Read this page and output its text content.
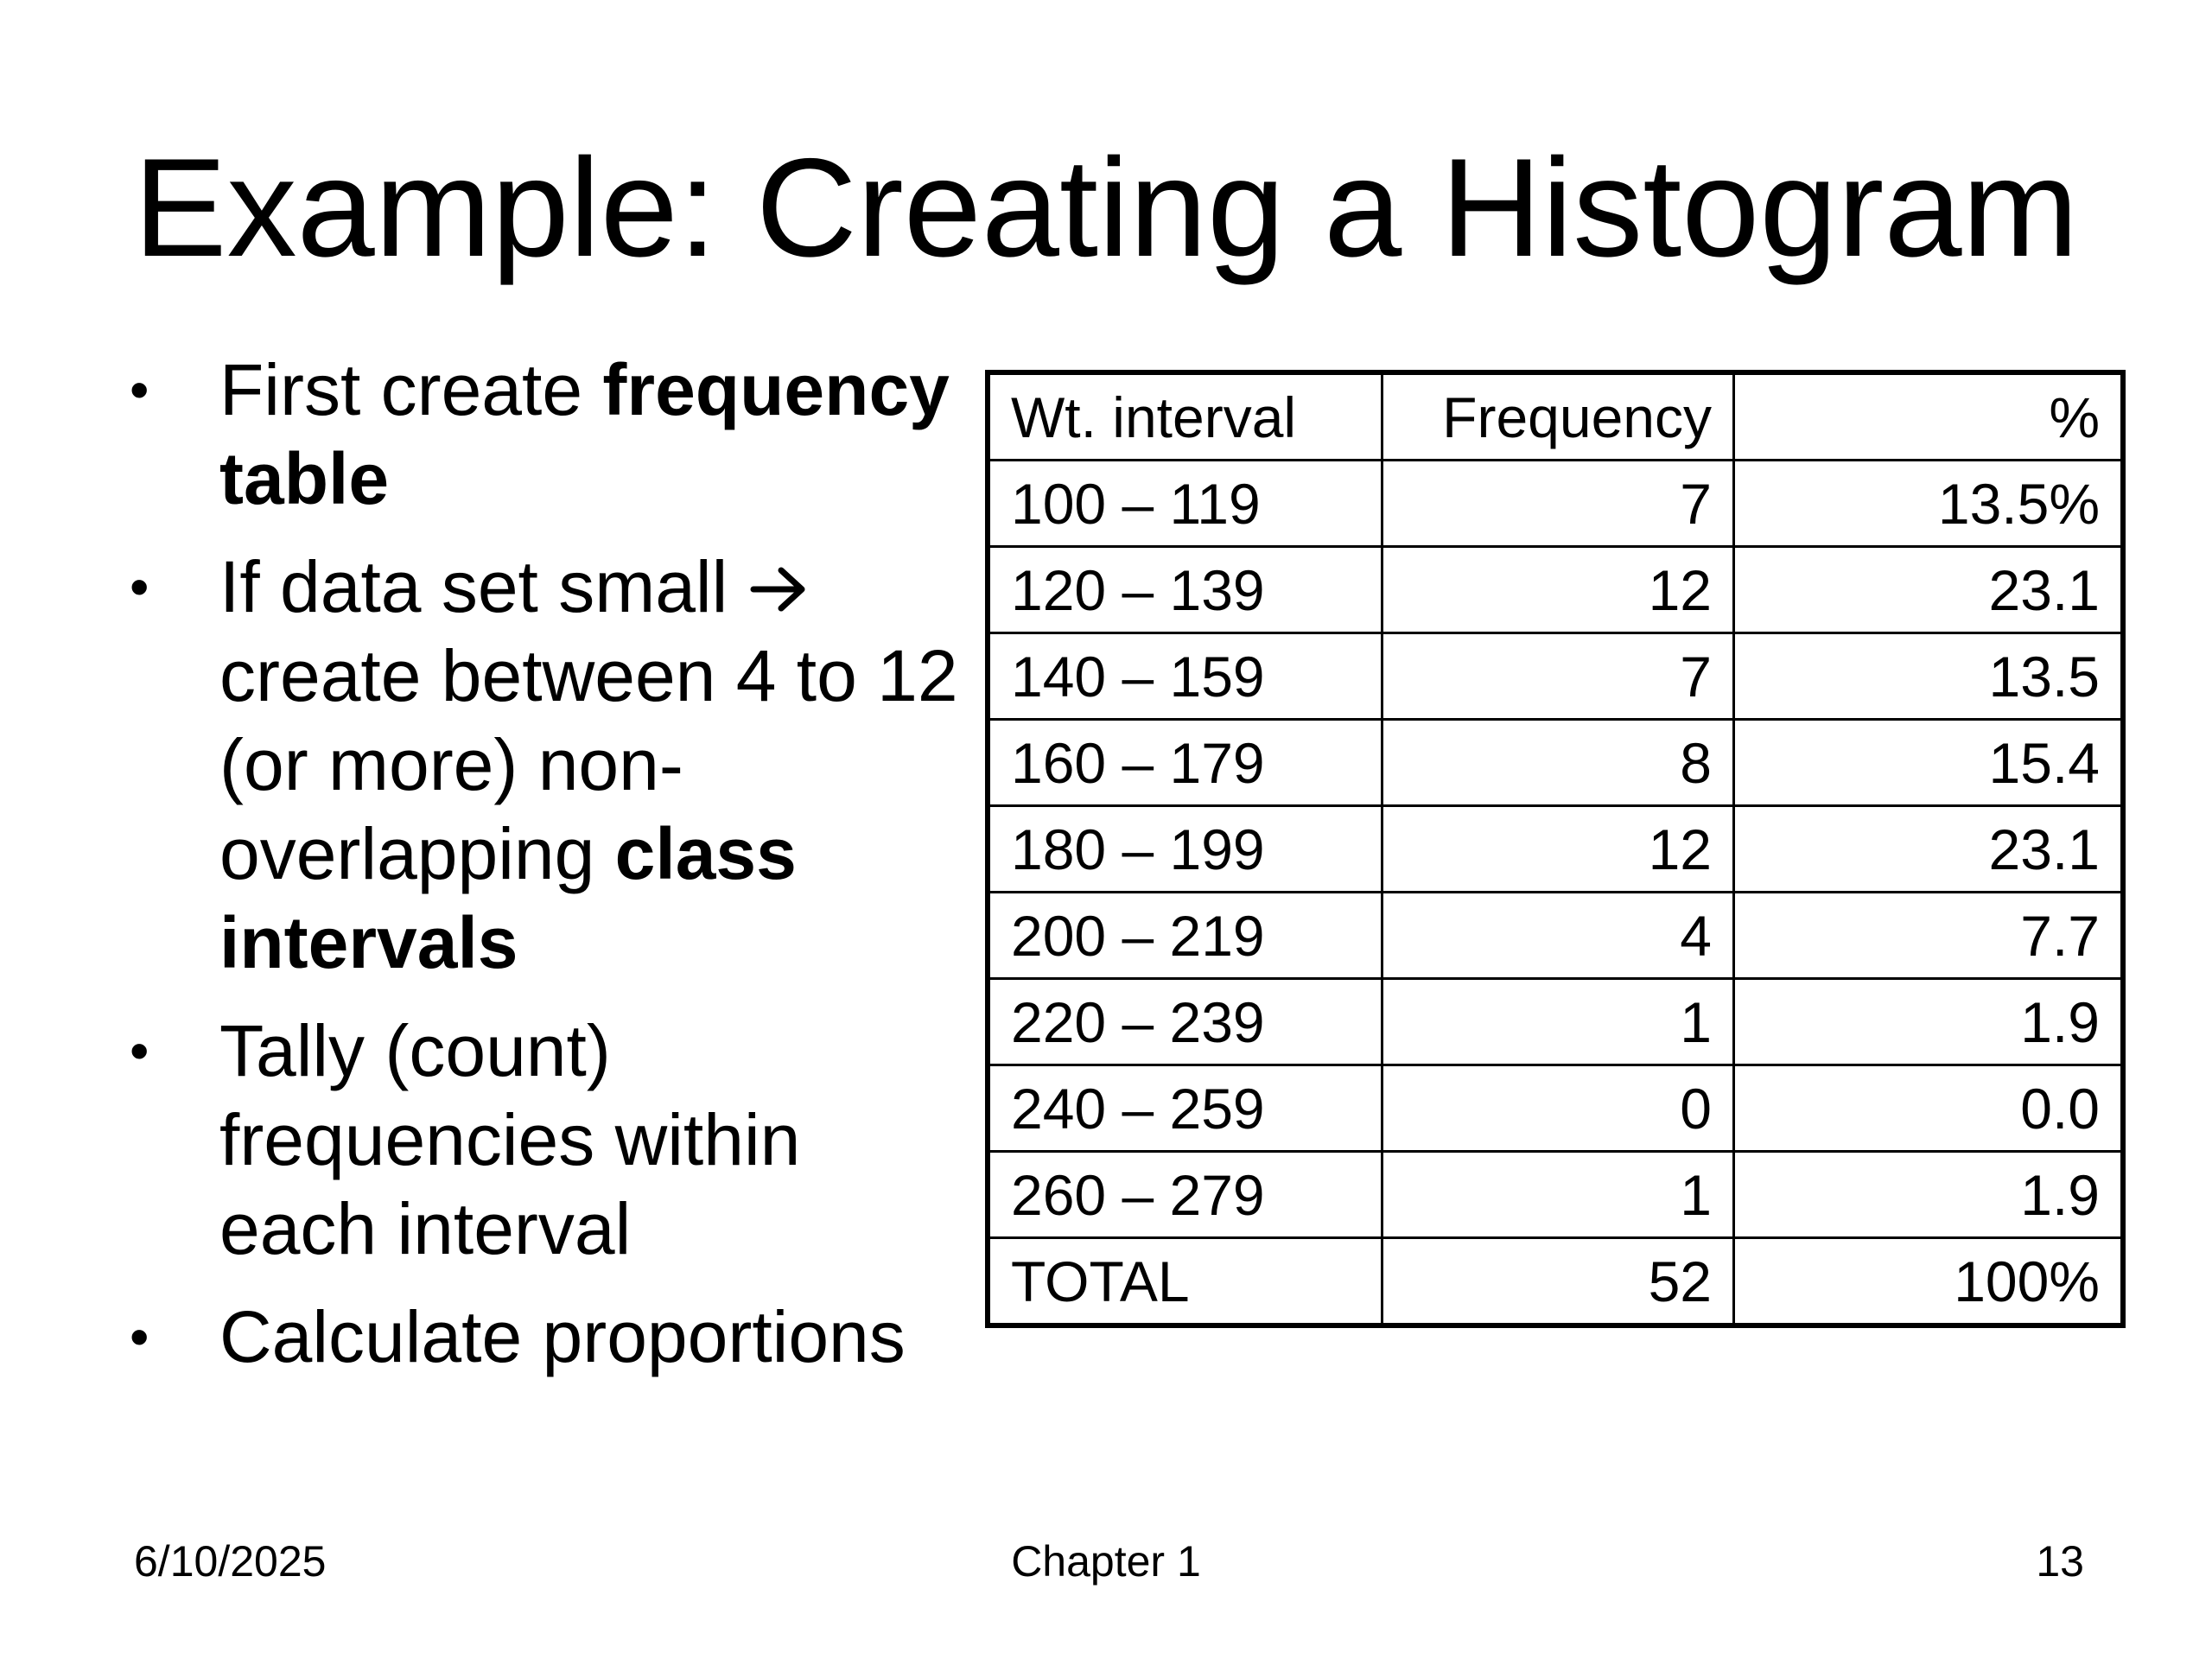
Example: Creating a Histogram
• First create frequency table
• If data set small  create between 4 to 12 (or more) non-overlapping class intervals
• Tally (count) frequencies within each interval
• Calculate proportions
Wt. interval	Frequency	%
100 – 119	7	13.5%
120 – 139	12	23.1
140 – 159	7	13.5
160 – 179	8	15.4
180 – 199	12	23.1
200 – 219	4	7.7
220 – 239	1	1.9
240 – 259	0	0.0
260 – 279	1	1.9
TOTAL	52	100%
6/10/2025	Chapter 1	13
